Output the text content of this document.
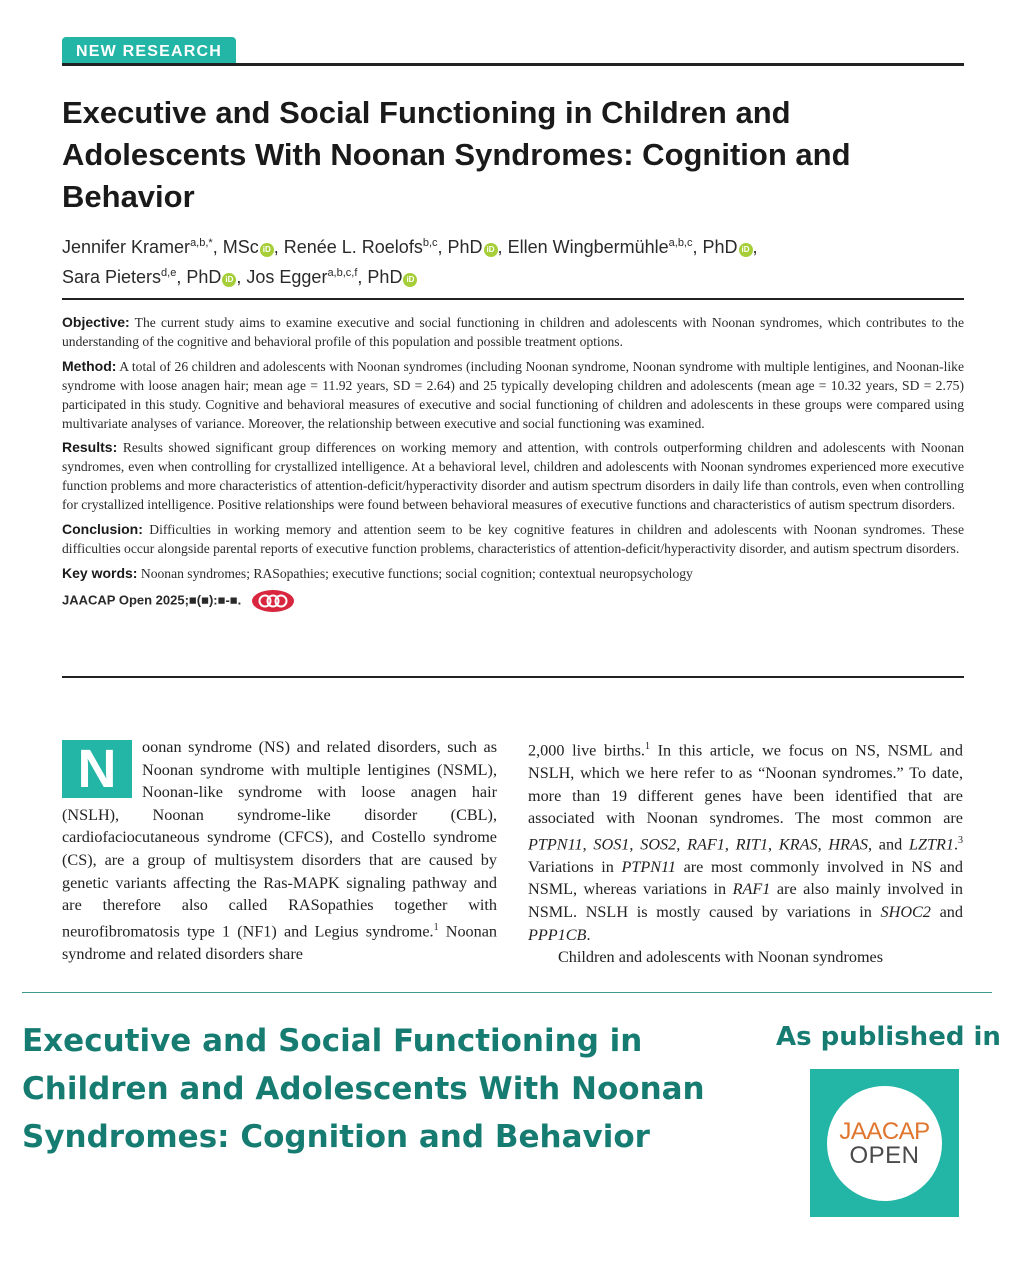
NEW RESEARCH
Executive and Social Functioning in Children and Adolescents With Noonan Syndromes: Cognition and Behavior
Jennifer Kramer$^{a,b,*}$, MSc iD , Renée L. Roelofs$^{b,c}$, PhD iD , Ellen Wingbermühle$^{a,b,c}$, PhD iD ,
Sara Pieters$^{d,e}$, PhD iD , Jos Egger$^{a,b,c,f}$, PhD iD

Objective: The current study aims to examine executive and social functioning in children and adolescents with Noonan syndromes, which contributes to the understanding of the cognitive and behavioral profile of this population and possible treatment options.

Method: A total of 26 children and adolescents with Noonan syndromes (including Noonan syndrome, Noonan syndrome with multiple lentigines, and Noonan-like syndrome with loose anagen hair; mean age = 11.92 years, SD = 2.64) and 25 typically developing children and adolescents (mean age = 10.32 years, SD = 2.75) participated in this study. Cognitive and behavioral measures of executive and social functioning of children and adolescents in these groups were compared using multivariate analyses of variance. Moreover, the relationship between executive and social functioning was examined.

Results: Results showed significant group differences on working memory and attention, with controls outperforming children and adolescents with Noonan syndromes, even when controlling for crystallized intelligence. At a behavioral level, children and adolescents with Noonan syndromes experienced more executive function problems and more characteristics of attention-deficit/hyperactivity disorder and autism spectrum disorders in daily life than controls, even when controlling for crystallized intelligence. Positive relationships were found between behavioral measures of executive functions and characteristics of autism spectrum disorders.

Conclusion: Difficulties in working memory and attention seem to be key cognitive features in children and adolescents with Noonan syndromes. These difficulties occur alongside parental reports of executive function problems, characteristics of attention-deficit/hyperactivity disorder, and autism spectrum disorders.

Key words: Noonan syndromes; RASopathies; executive functions; social cognition; contextual neuropsychology

JAACAP Open 2025;■(■):■-■.
N	oonan syndrome (NS) and related disorders, such as Noonan syndrome with multiple lentigines (NSML), Noonan-like syndrome with loose anagen hair (NSLH), Noonan syndrome-like disorder (CBL), cardiofaciocutaneous syndrome (CFCS), and Costello syndrome (CS), are a group of multisystem disorders that are caused by genetic variants affecting the Ras-MAPK signaling pathway and are therefore also called RASopathies together with neurofibromatosis type 1 (NF1) and Legius syndrome.$^1$ Noonan syndrome and related disorders share

2,000 live births.$^1$ In this article, we focus on NS, NSML and NSLH, which we here refer to as “Noonan syndromes.” To date, more than 19 different genes have been identified that are associated with Noonan syndromes. The most common are PTPN11, SOS1, SOS2, RAF1, RIT1, KRAS, HRAS, and LZTR1.$^3$ Variations in PTPN11 are most commonly involved in NS and NSML, whereas variations in RAF1 are also mainly involved in NSML. NSLH is mostly caused by variations in SHOC2 and PPP1CB.

Children and adolescents with Noonan syndromes

Executive and Social Functioning in Children and Adolescents With Noonan Syndromes: Cognition and Behavior
As published in
JAACAP
OPEN
